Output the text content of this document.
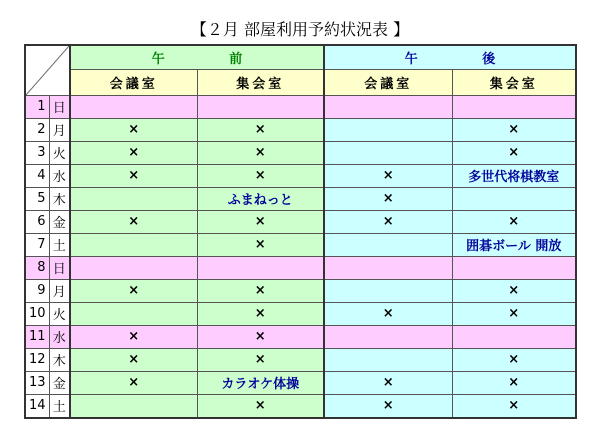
【２月 部屋利用予約状況表 】
		午 前		午 後	
		会議室	集会室	会議室	集会室
1	日				
2	月	×	×		×
3	火	×	×		×
4	水	×	×	×	多世代将棋教室
5	木		ふまねっと	×	
6	金	×	×	×	×
7	土		×		囲碁ボール 開放
8	日				
9	月	×	×		×
10	火		×	×	×
11	水	×	×		
12	木	×	×		×
13	金	×	カラオケ体操	×	×
14	土		×	×	×
